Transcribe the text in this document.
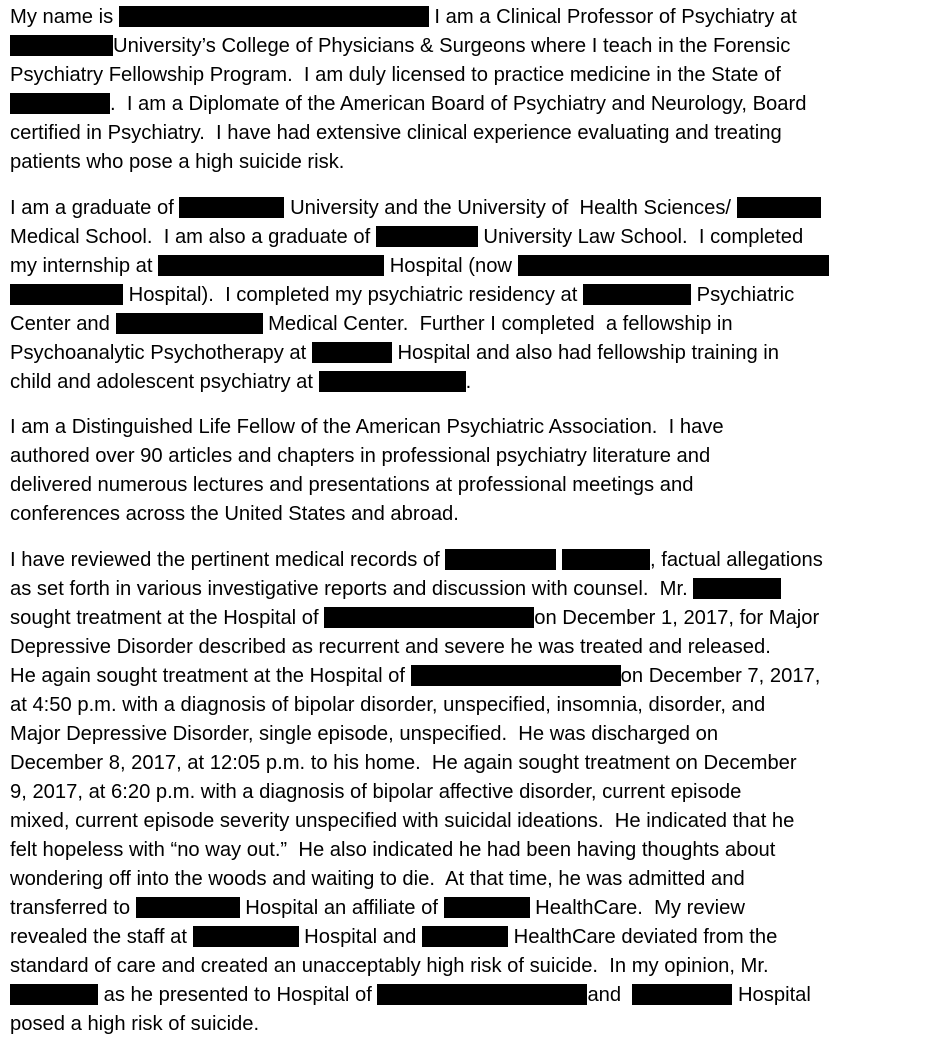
My name is	I am a Clinical Professor of Psychiatry at
University’s College of Physicians & Surgeons where I teach in the Forensic
Psychiatry Fellowship Program.  I am duly licensed to practice medicine in the State of
.  I am a Diplomate of the American Board of Psychiatry and Neurology, Board
certified in Psychiatry.  I have had extensive clinical experience evaluating and treating
patients who pose a high suicide risk.
I am a graduate of	University and the University of  Health Sciences/
Medical School.  I am also a graduate of	University Law School.  I completed
my internship at	Hospital (now
Hospital).  I completed my psychiatric residency at	Psychiatric
Center and	Medical Center.  Further I completed  a fellowship in
Psychoanalytic Psychotherapy at	Hospital and also had fellowship training in
child and adolescent psychiatry at	.
I am a Distinguished Life Fellow of the American Psychiatric Association.  I have
authored over 90 articles and chapters in professional psychiatry literature and
delivered numerous lectures and presentations at professional meetings and
conferences across the United States and abroad.
I have reviewed the pertinent medical records of	, factual allegations
as set forth in various investigative reports and discussion with counsel.  Mr.
sought treatment at the Hospital of	on December 1, 2017, for Major
Depressive Disorder described as recurrent and severe he was treated and released.
He again sought treatment at the Hospital of	on December 7, 2017,
at 4:50 p.m. with a diagnosis of bipolar disorder, unspecified, insomnia, disorder, and
Major Depressive Disorder, single episode, unspecified.  He was discharged on
December 8, 2017, at 12:05 p.m. to his home.  He again sought treatment on December
9, 2017, at 6:20 p.m. with a diagnosis of bipolar affective disorder, current episode
mixed, current episode severity unspecified with suicidal ideations.  He indicated that he
felt hopeless with “no way out.”  He also indicated he had been having thoughts about
wondering off into the woods and waiting to die.  At that time, he was admitted and
transferred to	Hospital an affiliate of	HealthCare.  My review
revealed the staff at	Hospital and	HealthCare deviated from the
standard of care and created an unacceptably high risk of suicide.  In my opinion, Mr.
as he presented to Hospital of	and	Hospital
posed a high risk of suicide.
